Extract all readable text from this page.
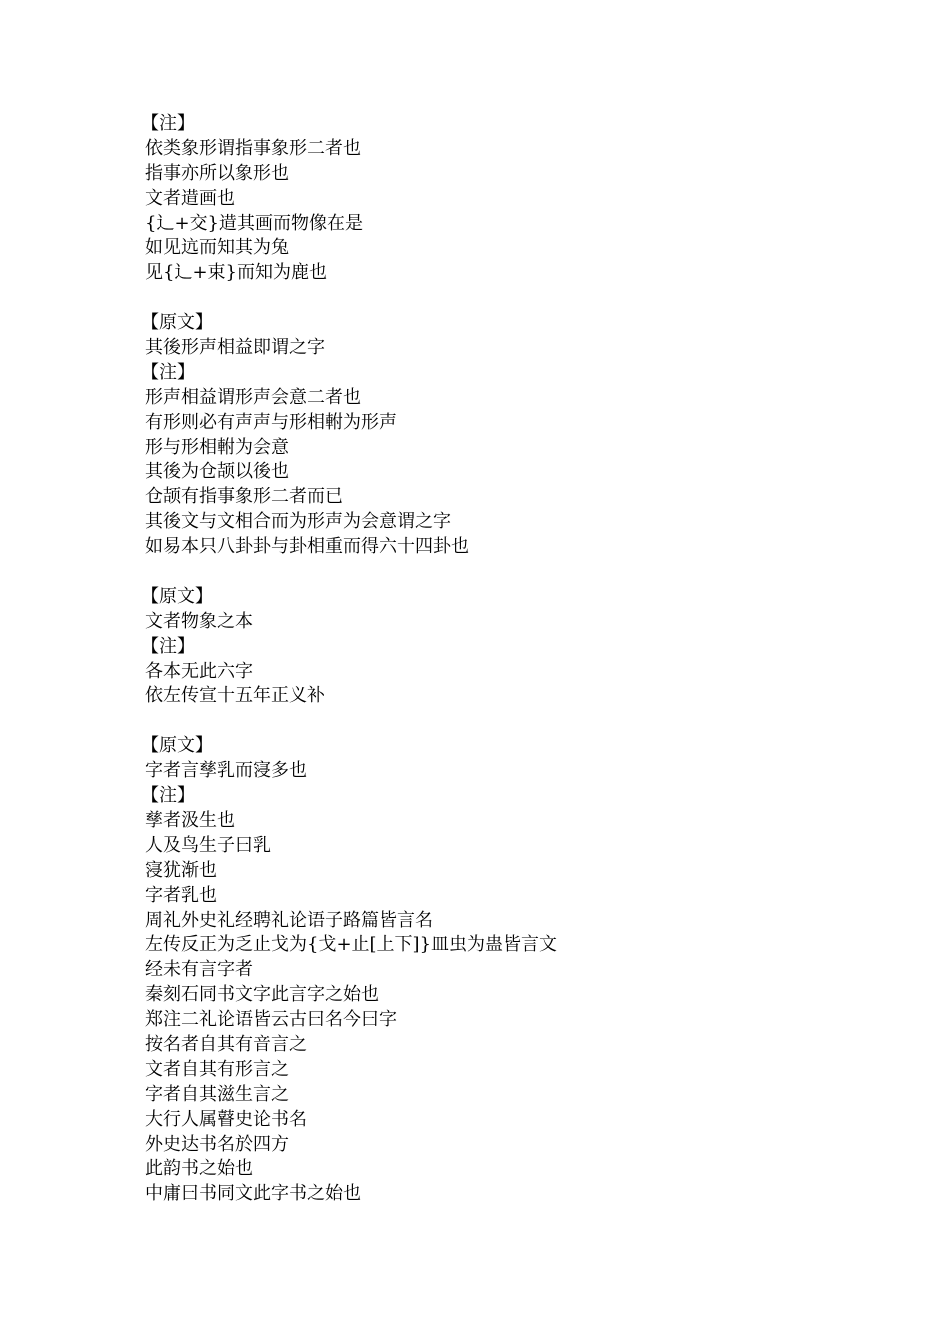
【注】
依类象形谓指事象形二者也
指事亦所以象形也
文者逪画也
{辶+交}逪其画而物像在是
如见迒而知其为兔
见{辶+束}而知为鹿也
【原文】
其後形声相益即谓之字
【注】
形声相益谓形声会意二者也
有形则必有声声与形相軵为形声
形与形相軵为会意
其後为仓颉以後也
仓颉有指事象形二者而已
其後文与文相合而为形声为会意谓之字
如易本只八卦卦与卦相重而得六十四卦也
【原文】
文者物象之本
【注】
各本无此六字
依左传宣十五年正义补
【原文】
字者言孳乳而寖多也
【注】
孳者汲生也
人及鸟生子曰乳
寖犹渐也
字者乳也
周礼外史礼经聘礼论语子路篇皆言名
左传反正为乏止戈为{戈+止[上下]}皿虫为蛊皆言文
经未有言字者
秦刻石同书文字此言字之始也
郑注二礼论语皆云古曰名今曰字
按名者自其有音言之
文者自其有形言之
字者自其滋生言之
大行人属瞽史论书名
外史达书名於四方
此韵书之始也
中庸曰书同文此字书之始也
